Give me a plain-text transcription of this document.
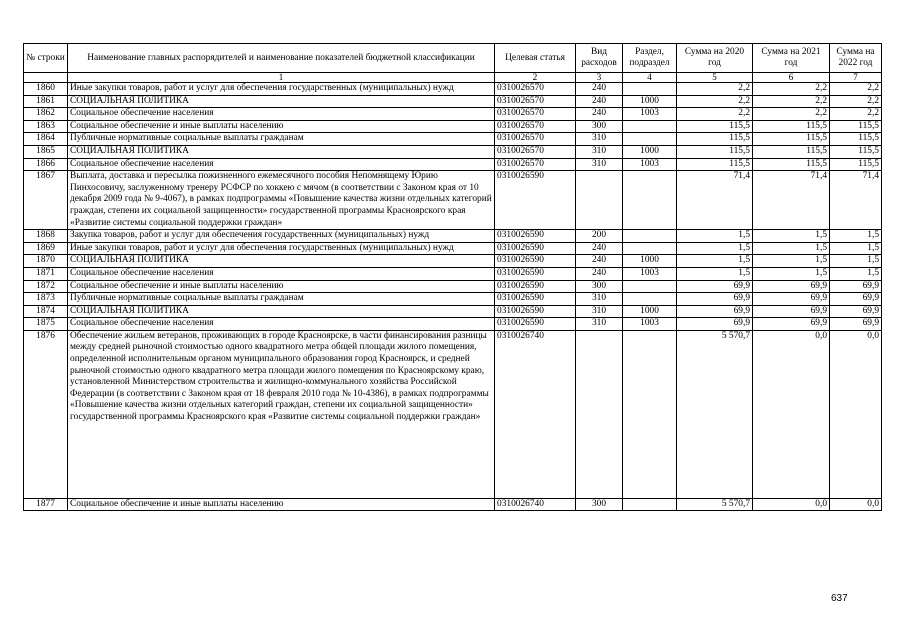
№ строки	Наименование главных распорядителей и наименование показателей бюджетной классификации	Целевая статья	Вид расходов	Раздел, подраздел	Сумма на 2020 год	Сумма на 2021 год	Сумма на 2022 год
	1	2	3	4	5	6	7
1860	Иные закупки товаров, работ и услуг для обеспечения государственных (муниципальных) нужд	0310026570	240		2,2	2,2	2,2
1861	СОЦИАЛЬНАЯ ПОЛИТИКА	0310026570	240	1000	2,2	2,2	2,2
1862	Социальное обеспечение населения	0310026570	240	1003	2,2	2,2	2,2
1863	Социальное обеспечение и иные выплаты населению	0310026570	300		115,5	115,5	115,5
1864	Публичные нормативные социальные выплаты гражданам	0310026570	310		115,5	115,5	115,5
1865	СОЦИАЛЬНАЯ ПОЛИТИКА	0310026570	310	1000	115,5	115,5	115,5
1866	Социальное обеспечение населения	0310026570	310	1003	115,5	115,5	115,5
1867	Выплата, доставка и пересылка пожизненного ежемесячного пособия Непомнящему Юрию Пинхосовичу, заслуженному тренеру РСФСР по хоккею с мячом (в соответствии с Законом края от 10 декабря 2009 года № 9-4067), в рамках подпрограммы «Повышение качества жизни отдельных категорий граждан, степени их социальной защищенности» государственной программы Красноярского края «Развитие системы социальной поддержки граждан»	0310026590			71,4	71,4	71,4
1868	Закупка товаров, работ и услуг для обеспечения государственных (муниципальных) нужд	0310026590	200		1,5	1,5	1,5
1869	Иные закупки товаров, работ и услуг для обеспечения государственных (муниципальных) нужд	0310026590	240		1,5	1,5	1,5
1870	СОЦИАЛЬНАЯ ПОЛИТИКА	0310026590	240	1000	1,5	1,5	1,5
1871	Социальное обеспечение населения	0310026590	240	1003	1,5	1,5	1,5
1872	Социальное обеспечение и иные выплаты населению	0310026590	300		69,9	69,9	69,9
1873	Публичные нормативные социальные выплаты гражданам	0310026590	310		69,9	69,9	69,9
1874	СОЦИАЛЬНАЯ ПОЛИТИКА	0310026590	310	1000	69,9	69,9	69,9
1875	Социальное обеспечение населения	0310026590	310	1003	69,9	69,9	69,9
1876	Обеспечение жильем ветеранов, проживающих в городе Красноярске, в части финансирования разницы между средней рыночной стоимостью одного квадратного метра общей площади жилого помещения, определенной исполнительным органом муниципального образования город Красноярск, и средней рыночной стоимостью одного квадратного метра площади жилого помещения по Красноярскому краю, установленной Министерством строительства и жилищно-коммунального хозяйства Российской Федерации (в соответствии с Законом края от 18 февраля 2010 года № 10-4386), в рамках подпрограммы «Повышение качества жизни отдельных категорий граждан, степени их социальной защищенности» государственной программы Красноярского края «Развитие системы социальной поддержки граждан»	0310026740			5 570,7	0,0	0,0
1877	Социальное обеспечение и иные выплаты населению	0310026740	300		5 570,7	0,0	0,0
637
